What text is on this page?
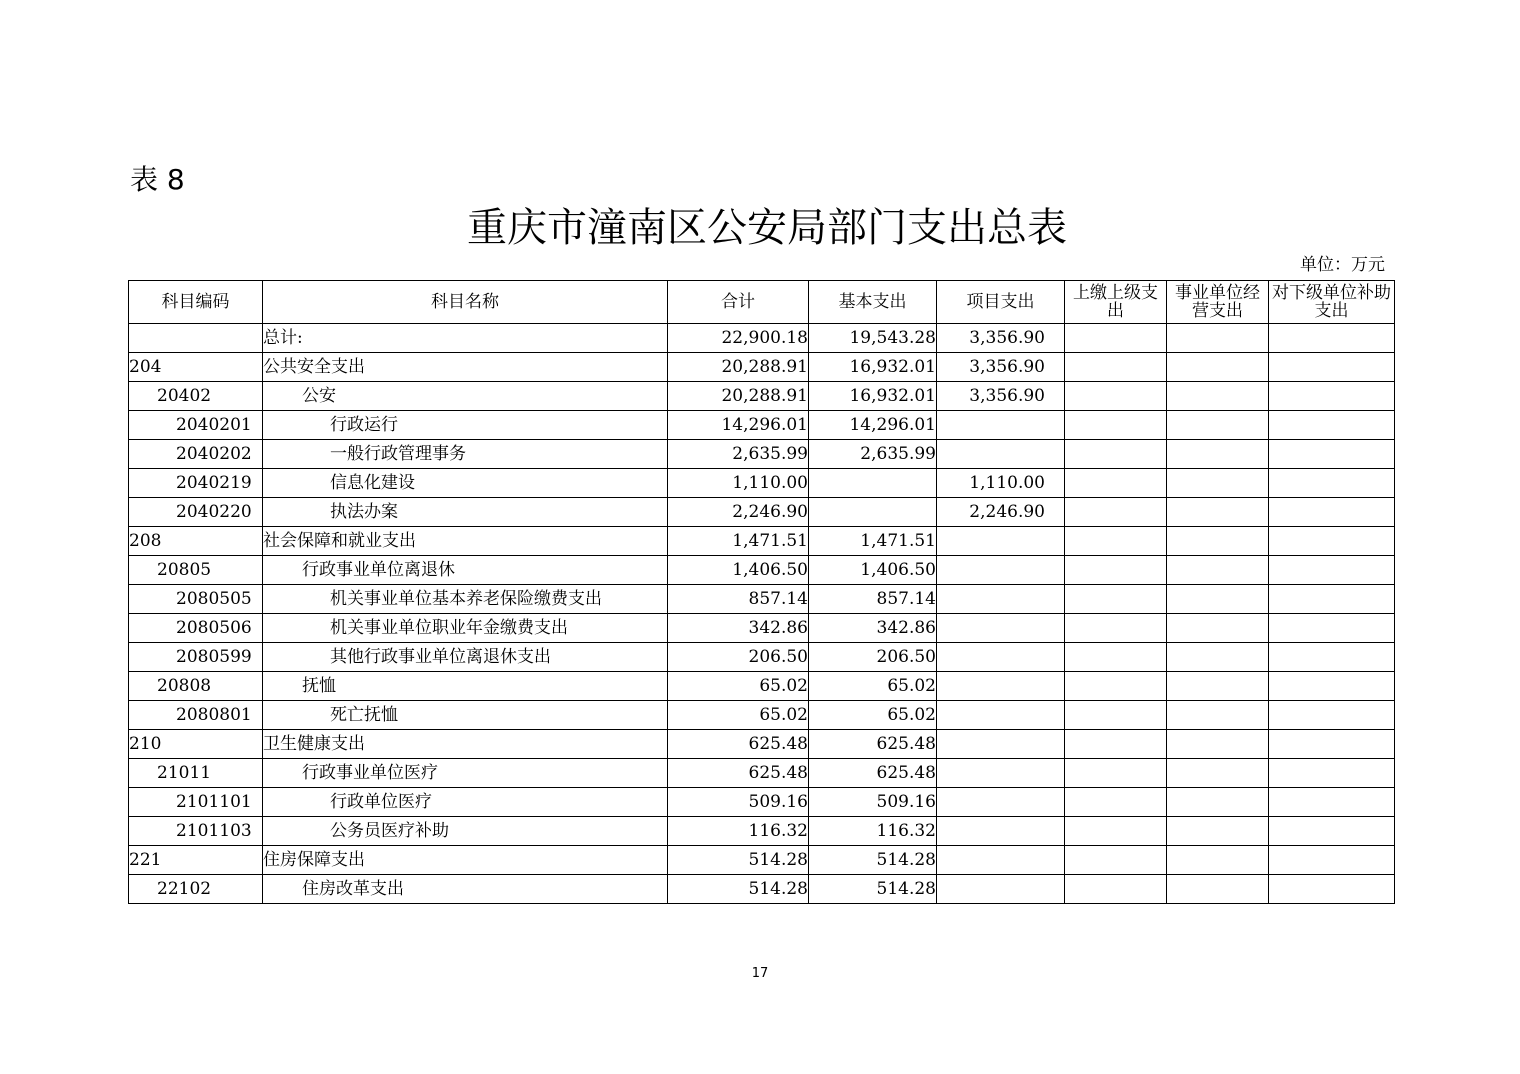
表 8
重庆市潼南区公安局部门支出总表
单位：万元
科目编码	科目名称	合计	基本支出	项目支出	上缴上级支出	事业单位经营支出	对下级单位补助支出
	总计:	22,900.18	19,543.28	3,356.90			
204	公共安全支出	20,288.91	16,932.01	3,356.90			
20402	公安	20,288.91	16,932.01	3,356.90			
2040201	行政运行	14,296.01	14,296.01				
2040202	一般行政管理事务	2,635.99	2,635.99				
2040219	信息化建设	1,110.00		1,110.00			
2040220	执法办案	2,246.90		2,246.90			
208	社会保障和就业支出	1,471.51	1,471.51				
20805	行政事业单位离退休	1,406.50	1,406.50				
2080505	机关事业单位基本养老保险缴费支出	857.14	857.14				
2080506	机关事业单位职业年金缴费支出	342.86	342.86				
2080599	其他行政事业单位离退休支出	206.50	206.50				
20808	抚恤	65.02	65.02				
2080801	死亡抚恤	65.02	65.02				
210	卫生健康支出	625.48	625.48				
21011	行政事业单位医疗	625.48	625.48				
2101101	行政单位医疗	509.16	509.16				
2101103	公务员医疗补助	116.32	116.32				
221	住房保障支出	514.28	514.28				
22102	住房改革支出	514.28	514.28				
17
